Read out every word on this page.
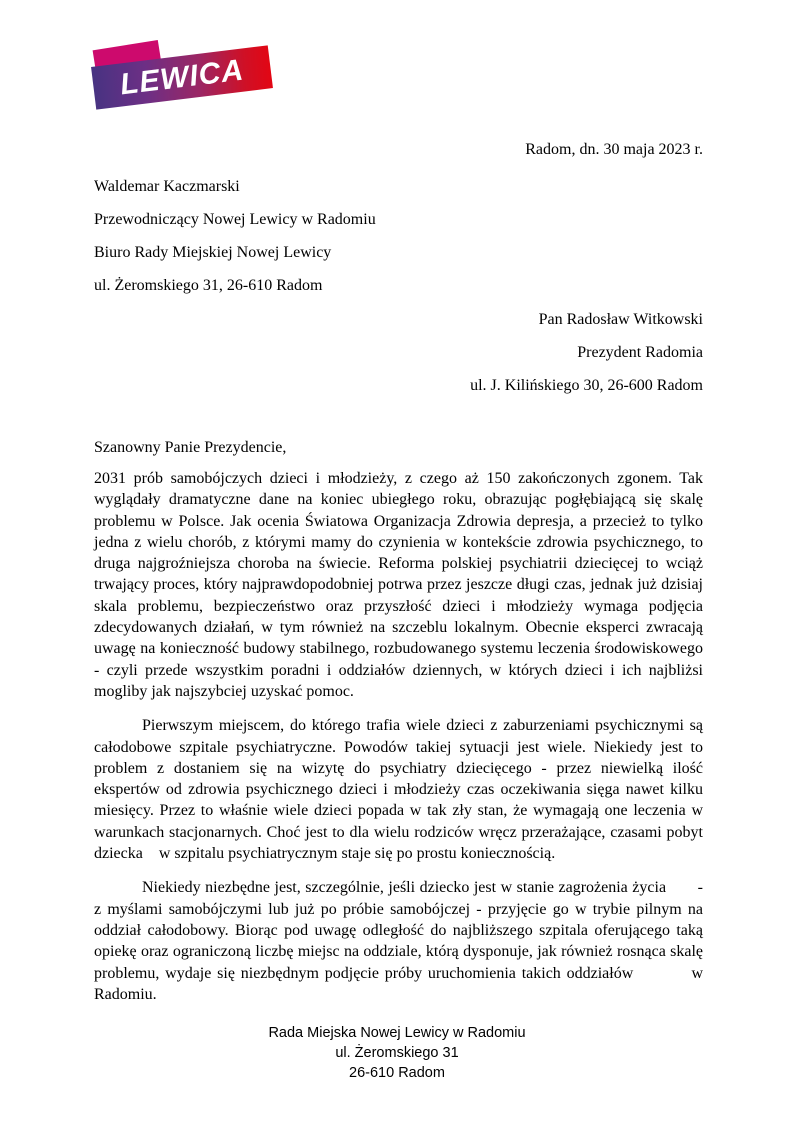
LEWICA
Radom, dn. 30 maja 2023 r.
Waldemar Kaczmarski
Przewodniczący Nowej Lewicy w Radomiu
Biuro Rady Miejskiej Nowej Lewicy
ul. Żeromskiego 31, 26-610 Radom
Pan Radosław Witkowski
Prezydent Radomia
ul. J. Kilińskiego 30, 26-600 Radom
Szanowny Panie Prezydencie,

2031 prób samobójczych dzieci i młodzieży, z czego aż 150 zakończonych zgonem. Tak wyglądały dramatyczne dane na koniec ubiegłego roku, obrazując pogłębiającą się skalę problemu w Polsce. Jak ocenia Światowa Organizacja Zdrowia depresja, a przecież to tylko jedna z wielu chorób, z którymi mamy do czynienia w kontekście zdrowia psychicznego, to druga najgroźniejsza choroba na świecie. Reforma polskiej psychiatrii dziecięcej to wciąż trwający proces, który najprawdopodobniej potrwa przez jeszcze długi czas, jednak już dzisiaj skala problemu, bezpieczeństwo oraz przyszłość dzieci i młodzieży wymaga podjęcia zdecydowanych działań, w tym również na szczeblu lokalnym. Obecnie eksperci zwracają uwagę na konieczność budowy stabilnego, rozbudowanego systemu leczenia środowiskowego - czyli przede wszystkim poradni i oddziałów dziennych, w których dzieci i ich najbliżsi mogliby jak najszybciej uzyskać pomoc.

Pierwszym miejscem, do którego trafia wiele dzieci z zaburzeniami psychicznymi są całodobowe szpitale psychiatryczne. Powodów takiej sytuacji jest wiele. Niekiedy jest to problem z dostaniem się na wizytę do psychiatry dziecięcego - przez niewielką ilość ekspertów od zdrowia psychicznego dzieci i młodzieży czas oczekiwania sięga nawet kilku miesięcy. Przez to właśnie wiele dzieci popada w tak zły stan, że wymagają one leczenia w warunkach stacjonarnych. Choć jest to dla wielu rodziców wręcz przerażające, czasami pobyt dziecka    w szpitalu psychiatrycznym staje się po prostu koniecznością.

Niekiedy niezbędne jest, szczególnie, jeśli dziecko jest w stanie zagrożenia życia       - z myślami samobójczymi lub już po próbie samobójczej - przyjęcie go w trybie pilnym na oddział całodobowy. Biorąc pod uwagę odległość do najbliższego szpitala oferującego taką opiekę oraz ograniczoną liczbę miejsc na oddziale, którą dysponuje, jak również rosnąca skalę problemu, wydaje się niezbędnym podjęcie próby uruchomienia takich oddziałów          w Radomiu.

Rada Miejska Nowej Lewicy w Radomiu
ul. Żeromskiego 31
26-610 Radom
